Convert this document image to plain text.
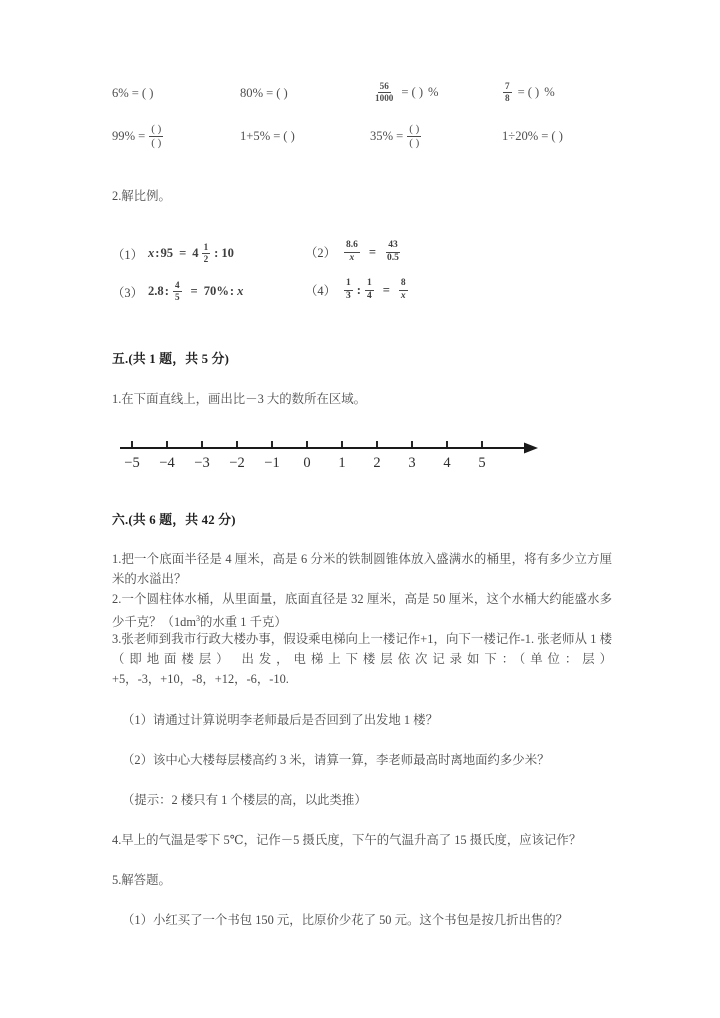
6% = ( )	80% = ( )	$\frac{56}{1000}$ = ( ) %	$\frac{7}{8}$ = ( ) %
$99\% = \frac{( )}{( )}$	1+5% = ( )	$35\% = \frac{( )}{( )}$	1÷20% = ( )
2.解比例。
（1） x : $95 = 4 \frac{1}{2}$ : 10	$(2) \frac{8.6}{x} = \frac{43}{0.5}$
（3） 2.8 : $\frac{4}{5} = 70\%$ : x	$(4) \frac{1}{3}$ : $\frac{1}{4} = \frac{8}{x}$
五.(共 1 题，共 5 分)
1.在下面直线上，画出比－3 大的数所在区域。
−5 −4 −3 −2 −1 0 1 2 3 4 5
六.(共 6 题，共 42 分)
1.把一个底面半径是 4 厘米，高是 6 分米的铁制圆锥体放入盛满水的桶里，将有多少立方厘米的水溢出？
2.一个圆柱体水桶，从里面量，底面直径是 32 厘米，高是 50 厘米，这个水桶大约能盛水多少千克？（$1dm^3$的水重 1 千克）
3.张老师到我市行政大楼办事，假设乘电梯向上一楼记作+1，向下一楼记作-1. 张老师从 1 楼 （即地面楼层） 出发，电梯上下楼层依次记录如下：（单位：层）+5，-3，+10，-8，+12，-6，-10.
（1）请通过计算说明李老师最后是否回到了出发地 1 楼？
（2）该中心大楼每层楼高约 3 米，请算一算，李老师最高时离地面约多少米？
（提示：2 楼只有 1 个楼层的高，以此类推）
4.早上的气温是零下 5℃，记作－5 摄氏度，下午的气温升高了 15 摄氏度，应该记作？
5.解答题。
（1）小红买了一个书包 150 元，比原价少花了 50 元。这个书包是按几折出售的？
